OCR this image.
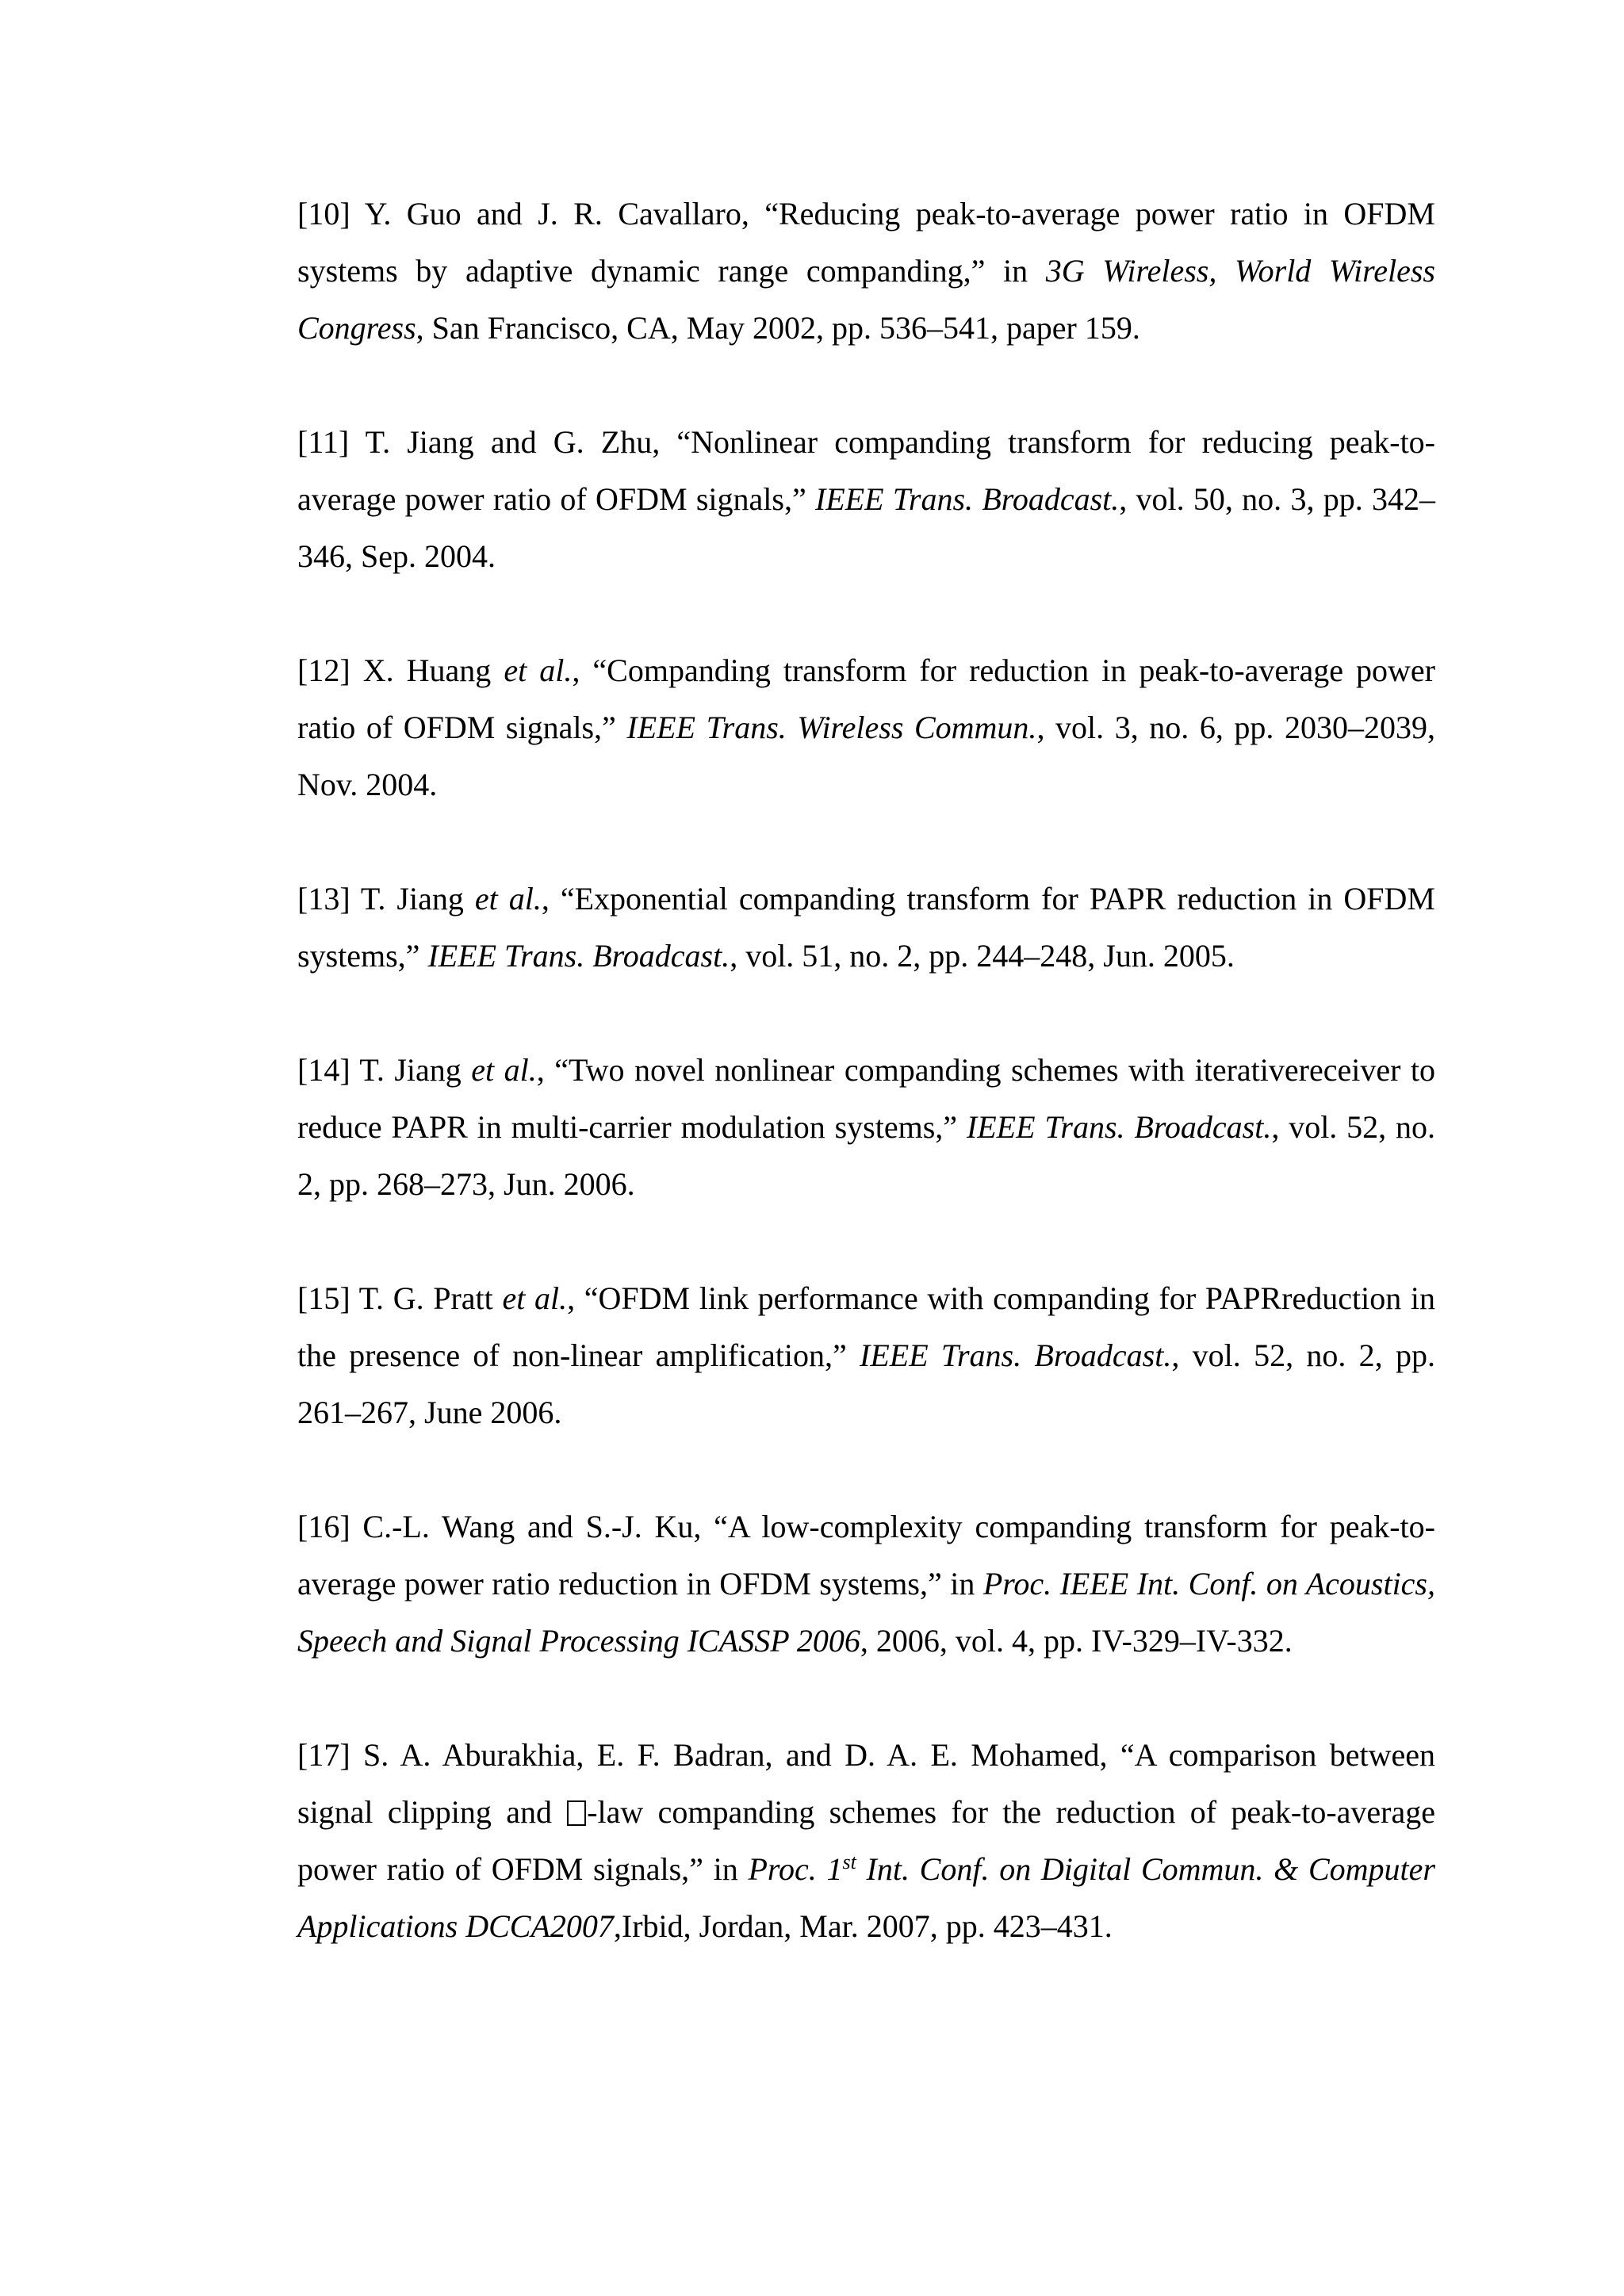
[10] Y. Guo and J. R. Cavallaro, “Reducing peak-to-average power ratio in OFDM systems by adaptive dynamic range companding,” in 3G Wireless, World Wireless Congress, San Francisco, CA, May 2002, pp. 536–541, paper 159.

[11] T. Jiang and G. Zhu, “Nonlinear companding transform for reducing peak-to-average power ratio of OFDM signals,” IEEE Trans. Broadcast., vol. 50, no. 3, pp. 342–346, Sep. 2004.

[12] X. Huang et al., “Companding transform for reduction in peak-to-average power ratio of OFDM signals,” IEEE Trans. Wireless Commun., vol. 3, no. 6, pp. 2030–2039, Nov. 2004.

[13] T. Jiang et al., “Exponential companding transform for PAPR reduction in OFDM systems,” IEEE Trans. Broadcast., vol. 51, no. 2, pp. 244–248, Jun. 2005.

[14] T. Jiang et al., “Two novel nonlinear companding schemes with iterativereceiver to reduce PAPR in multi-carrier modulation systems,” IEEE Trans. Broadcast., vol. 52, no. 2, pp. 268–273, Jun. 2006.

[15] T. G. Pratt et al., “OFDM link performance with companding for PAPRreduction in the presence of non-linear amplification,” IEEE Trans. Broadcast., vol. 52, no. 2, pp. 261–267, June 2006.

[16] C.-L. Wang and S.-J. Ku, “A low-complexity companding transform for peak-to-average power ratio reduction in OFDM systems,” in Proc. IEEE Int. Conf. on Acoustics, Speech and Signal Processing ICASSP 2006, 2006, vol. 4, pp. IV-329–IV-332.

[17] S. A. Aburakhia, E. F. Badran, and D. A. E. Mohamed, “A comparison between signal clipping and -law companding schemes for the reduction of peak-to-average power ratio of OFDM signals,” in Proc. 1st Int. Conf. on Digital Commun. & Computer Applications DCCA2007,Irbid, Jordan, Mar. 2007, pp. 423–431.
